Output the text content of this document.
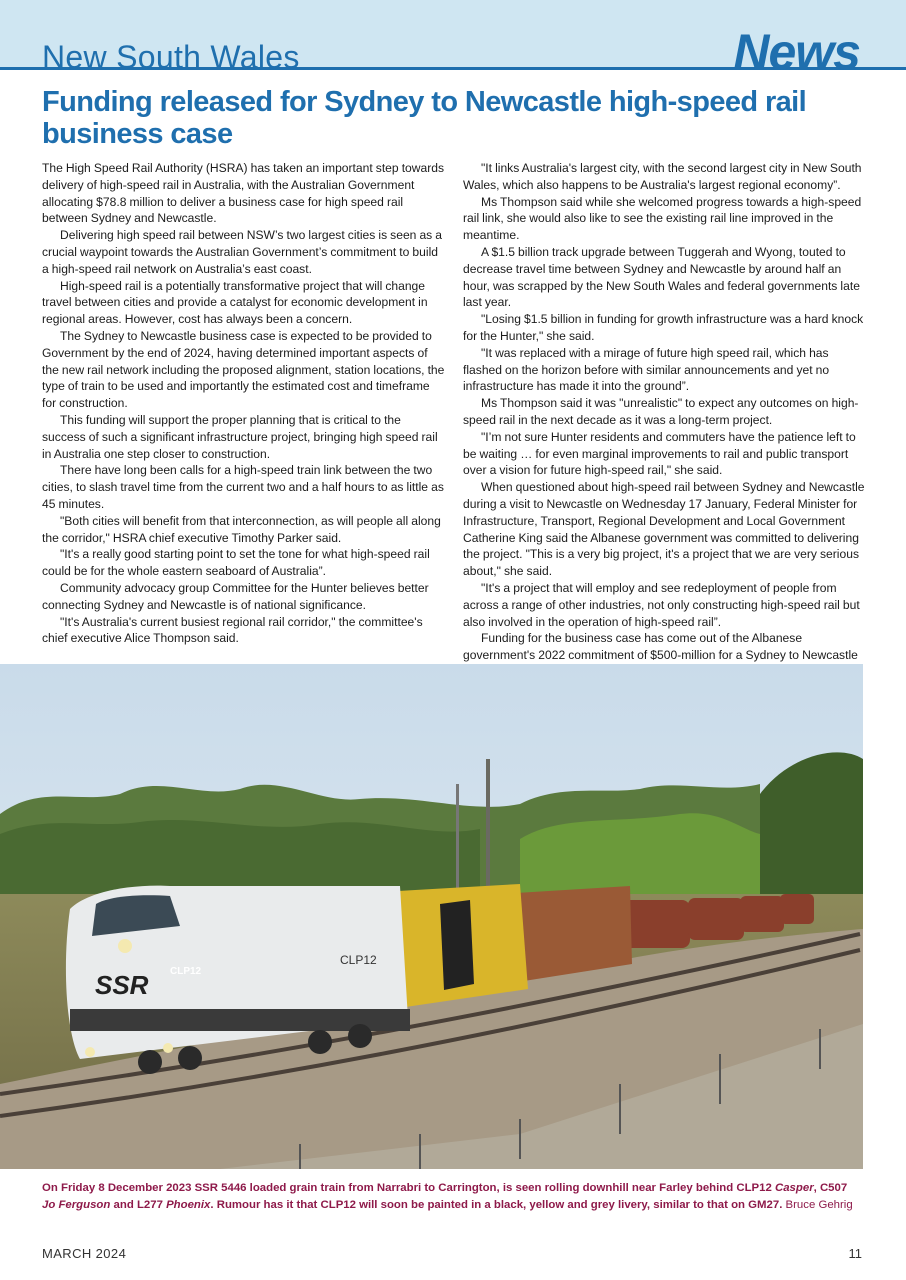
New South Wales	News
Funding released for Sydney to Newcastle high-speed rail business case

The High Speed Rail Authority (HSRA) has taken an important step towards delivery of high-speed rail in Australia, with the Australian Government allocating $78.8 million to deliver a business case for high speed rail between Sydney and Newcastle.

Delivering high speed rail between NSW’s two largest cities is seen as a crucial waypoint towards the Australian Government’s commitment to build a high-speed rail network on Australia’s east coast.

High-speed rail is a potentially transformative project that will change travel between cities and provide a catalyst for economic development in regional areas. However, cost has always been a concern.

The Sydney to Newcastle business case is expected to be provided to Government by the end of 2024, having determined important aspects of the new rail network including the proposed alignment, station locations, the type of train to be used and importantly the estimated cost and timeframe for construction.

This funding will support the proper planning that is critical to the success of such a significant infrastructure project, bringing high speed rail in Australia one step closer to construction.

There have long been calls for a high-speed train link between the two cities, to slash travel time from the current two and a half hours to as little as 45 minutes.

"Both cities will benefit from that interconnection, as will people all along the corridor," HSRA chief executive Timothy Parker said.

"It's a really good starting point to set the tone for what high-speed rail could be for the whole eastern seaboard of Australia”.

Community advocacy group Committee for the Hunter believes better connecting Sydney and Newcastle is of national significance.

"It's Australia's current busiest regional rail corridor," the committee's chief executive Alice Thompson said.

"It links Australia's largest city, with the second largest city in New South Wales, which also happens to be Australia's largest regional economy”.

Ms Thompson said while she welcomed progress towards a high-speed rail link, she would also like to see the existing rail line improved in the meantime.

A $1.5 billion track upgrade between Tuggerah and Wyong, touted to decrease travel time between Sydney and Newcastle by around half an hour, was scrapped by the New South Wales and federal governments late last year.

"Losing $1.5 billion in funding for growth infrastructure was a hard knock for the Hunter," she said.

"It was replaced with a mirage of future high speed rail, which has flashed on the horizon before with similar announcements and yet no infrastructure has made it into the ground”.

Ms Thompson said it was "unrealistic" to expect any outcomes on high-speed rail in the next decade as it was a long-term project.

"I’m not sure Hunter residents and commuters have the patience left to be waiting … for even marginal improvements to rail and public transport over a vision for future high-speed rail," she said.

When questioned about high-speed rail between Sydney and Newcastle during a visit to Newcastle on Wednesday 17 January, Federal Minister for Infrastructure, Transport, Regional Development and Local Government Catherine King said the Albanese government was committed to delivering the project. "This is a very big project, it's a project that we are very serious about," she said.

"It's a project that will employ and see redeployment of people from across a range of other industries, not only constructing high-speed rail but also involved in the operation of high-speed rail”.

Funding for the business case has come out of the Albanese government's 2022 commitment of $500-million for a Sydney to Newcastle

SSR
CLP12
CLP12

On Friday 8 December 2023 SSR 5446 loaded grain train from Narrabri to Carrington, is seen rolling downhill near Farley behind CLP12 Casper, C507 Jo Ferguson and L277 Phoenix. Rumour has it that CLP12 will soon be painted in a black, yellow and grey livery, similar to that on GM27. Bruce Gehrig

MARCH 2024	11
